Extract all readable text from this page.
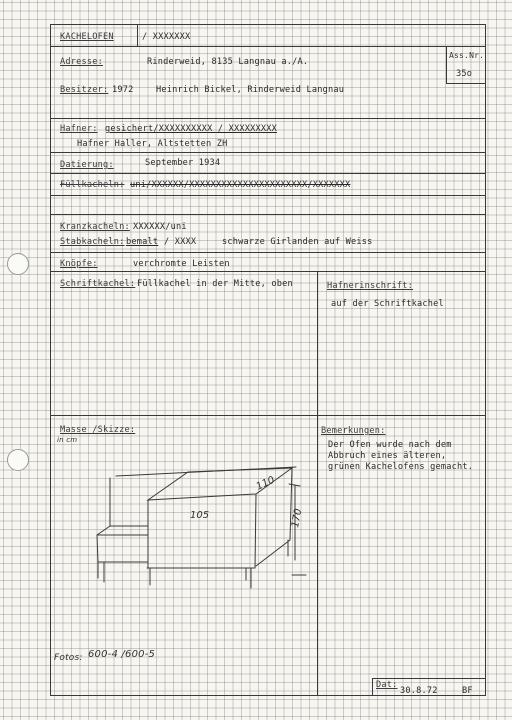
Ass.Nr.
35o
KACHELOFEN	/ XXXXXXX
Adresse:	Rinderweid, 8135 Langnau a./A.
Besitzer: 1972	Heinrich Bickel, Rinderweid Langnau
Hafner: gesichert/XXXXXXXXXX / XXXXXXXXX
Hafner Haller, Altstetten ZH
Datierung:	September 1934
Füllkacheln: uni/XXXXXX/XXXXXXXXXXXXXXXXXXXXXX/XXXXXXX
Kranzkacheln: XXXXXX/uni
Stabkacheln: bemalt / XXXX	schwarze Girlanden auf Weiss
Knöpfe:	verchromte Leisten
Schriftkachel: Füllkachel in der Mitte, oben	Hafnerinschrift:
auf der Schriftkachel
Masse /Skizze:
in cm
Bemerkungen:
Der Ofen wurde nach dem
Abbruch eines älteren,
grünen Kachelofens gemacht.
105
110
170
Fotos: 600-4 /600-5
Dat:
30.8.72	BF
